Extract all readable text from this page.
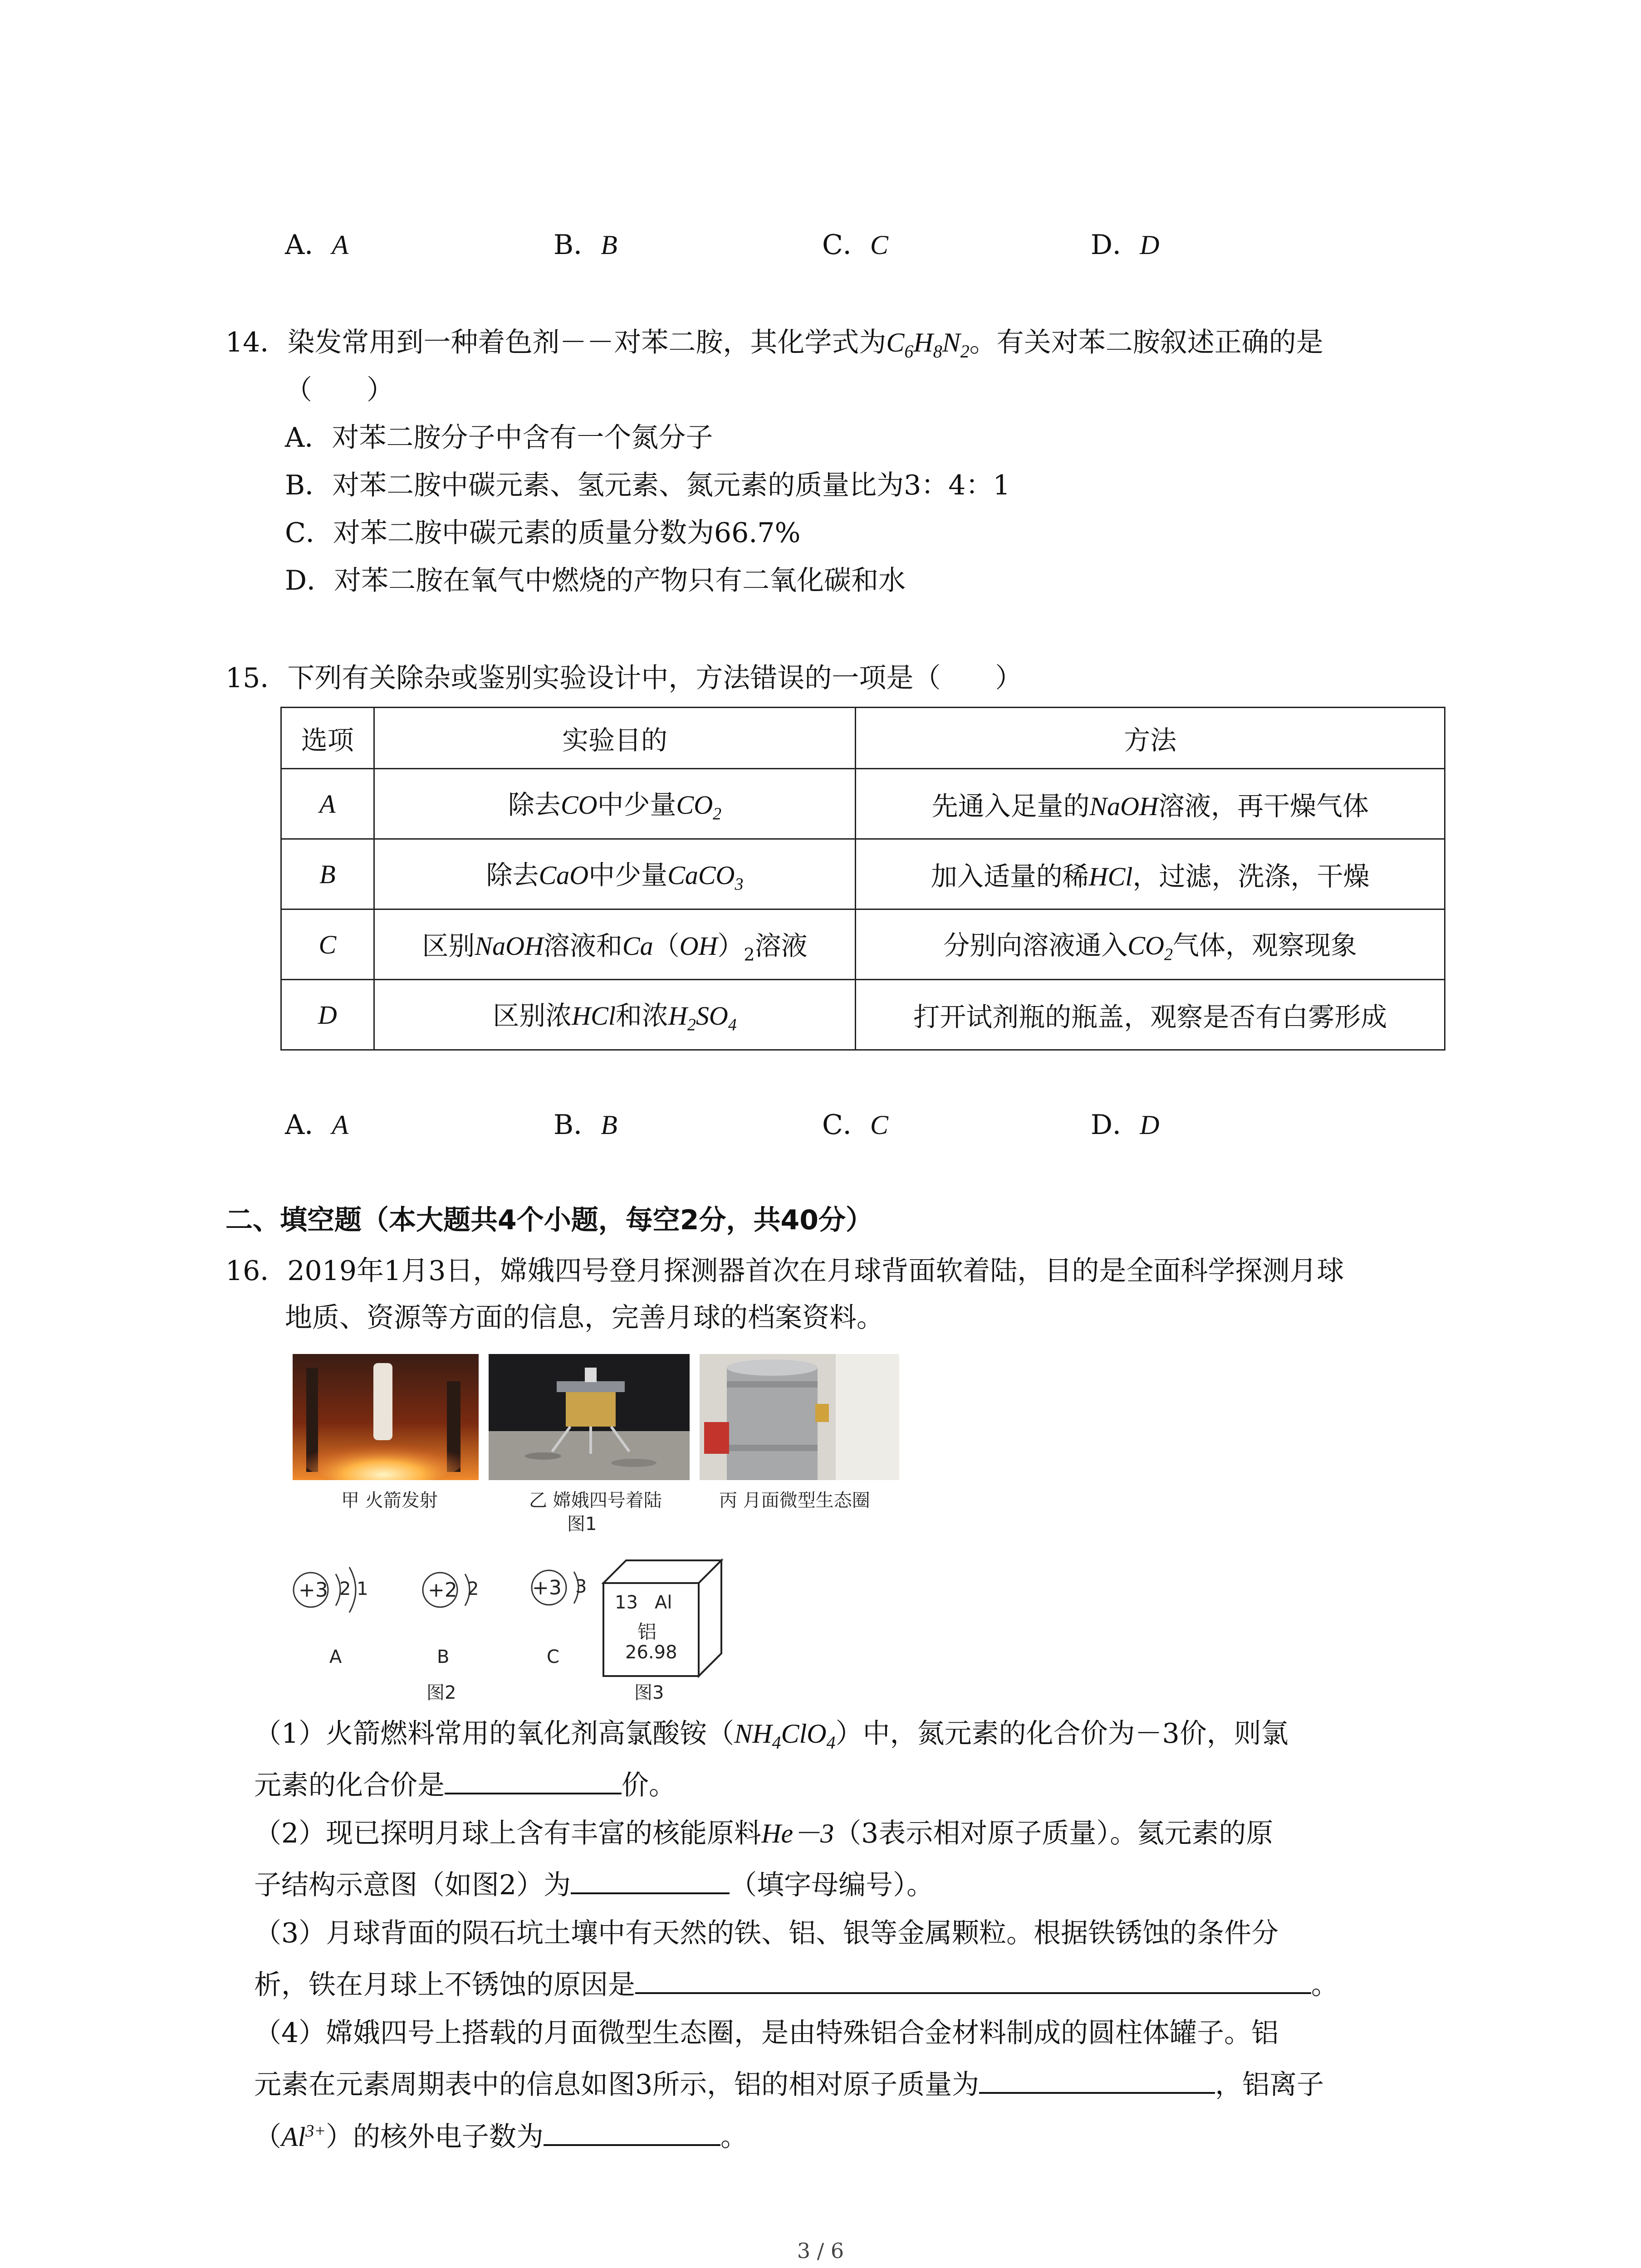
A．A	B．B	C．C	D．D
14．染发常用到一种着色剂－－对苯二胺，其化学式为$C_6H_8N_2$。有关对苯二胺叙述正确的是
（　　）
A．对苯二胺分子中含有一个氮分子
B．对苯二胺中碳元素、氢元素、氮元素的质量比为3：4：1
C．对苯二胺中碳元素的质量分数为66.7%
D．对苯二胺在氧气中燃烧的产物只有二氧化碳和水
15．下列有关除杂或鉴别实验设计中，方法错误的一项是（　　）
选项	实验目的	方法
A	除去CO中少量$CO_2$	先通入足量的NaOH溶液，再干燥气体
B	除去CaO中少量CaCO$_3$	加入适量的稀HCl，过滤，洗涤，干燥
C	区别NaOH溶液和$Ca(OH)_2$溶液	分别向溶液通入$CO_2$气体，观察现象
D	区别浓HCl和浓$H_2SO_4$	打开试剂瓶的瓶盖，观察是否有白雾形成
A．A	B．B	C．C	D．D
二、填空题（本大题共4个小题，每空2分，共40分）
16．2019年1月3日，嫦娥四号登月探测器首次在月球背面软着陆，目的是全面科学探测月球
地质、资源等方面的信息，完善月球的档案资料。
甲 火箭发射	乙 嫦娥四号着陆	丙 月面微型生态圈
图1
+3 2 1
A
+2 2
B
+3 3
C
图2
13 Al
铝
26.98
图3
（1）火箭燃料常用的氧化剂高氯酸铵$(NH_4ClO_4)$中，氮元素的化合价为－3价，则氯
元素的化合价是	价。
（2）现已探明月球上含有丰富的核能原料He－3（3表示相对原子质量）。氦元素的原
子结构示意图（如图2）为	（填字母编号）。
（3）月球背面的陨石坑土壤中有天然的铁、铝、银等金属颗粒。根据铁锈蚀的条件分
析，铁在月球上不锈蚀的原因是	。
（4）嫦娥四号上搭载的月面微型生态圈，是由特殊铝合金材料制成的圆柱体罐子。铝
元素在元素周期表中的信息如图3所示，铝的相对原子质量为	，铝离子
$(Al^{3+})$的核外电子数为	。
3 / 6
